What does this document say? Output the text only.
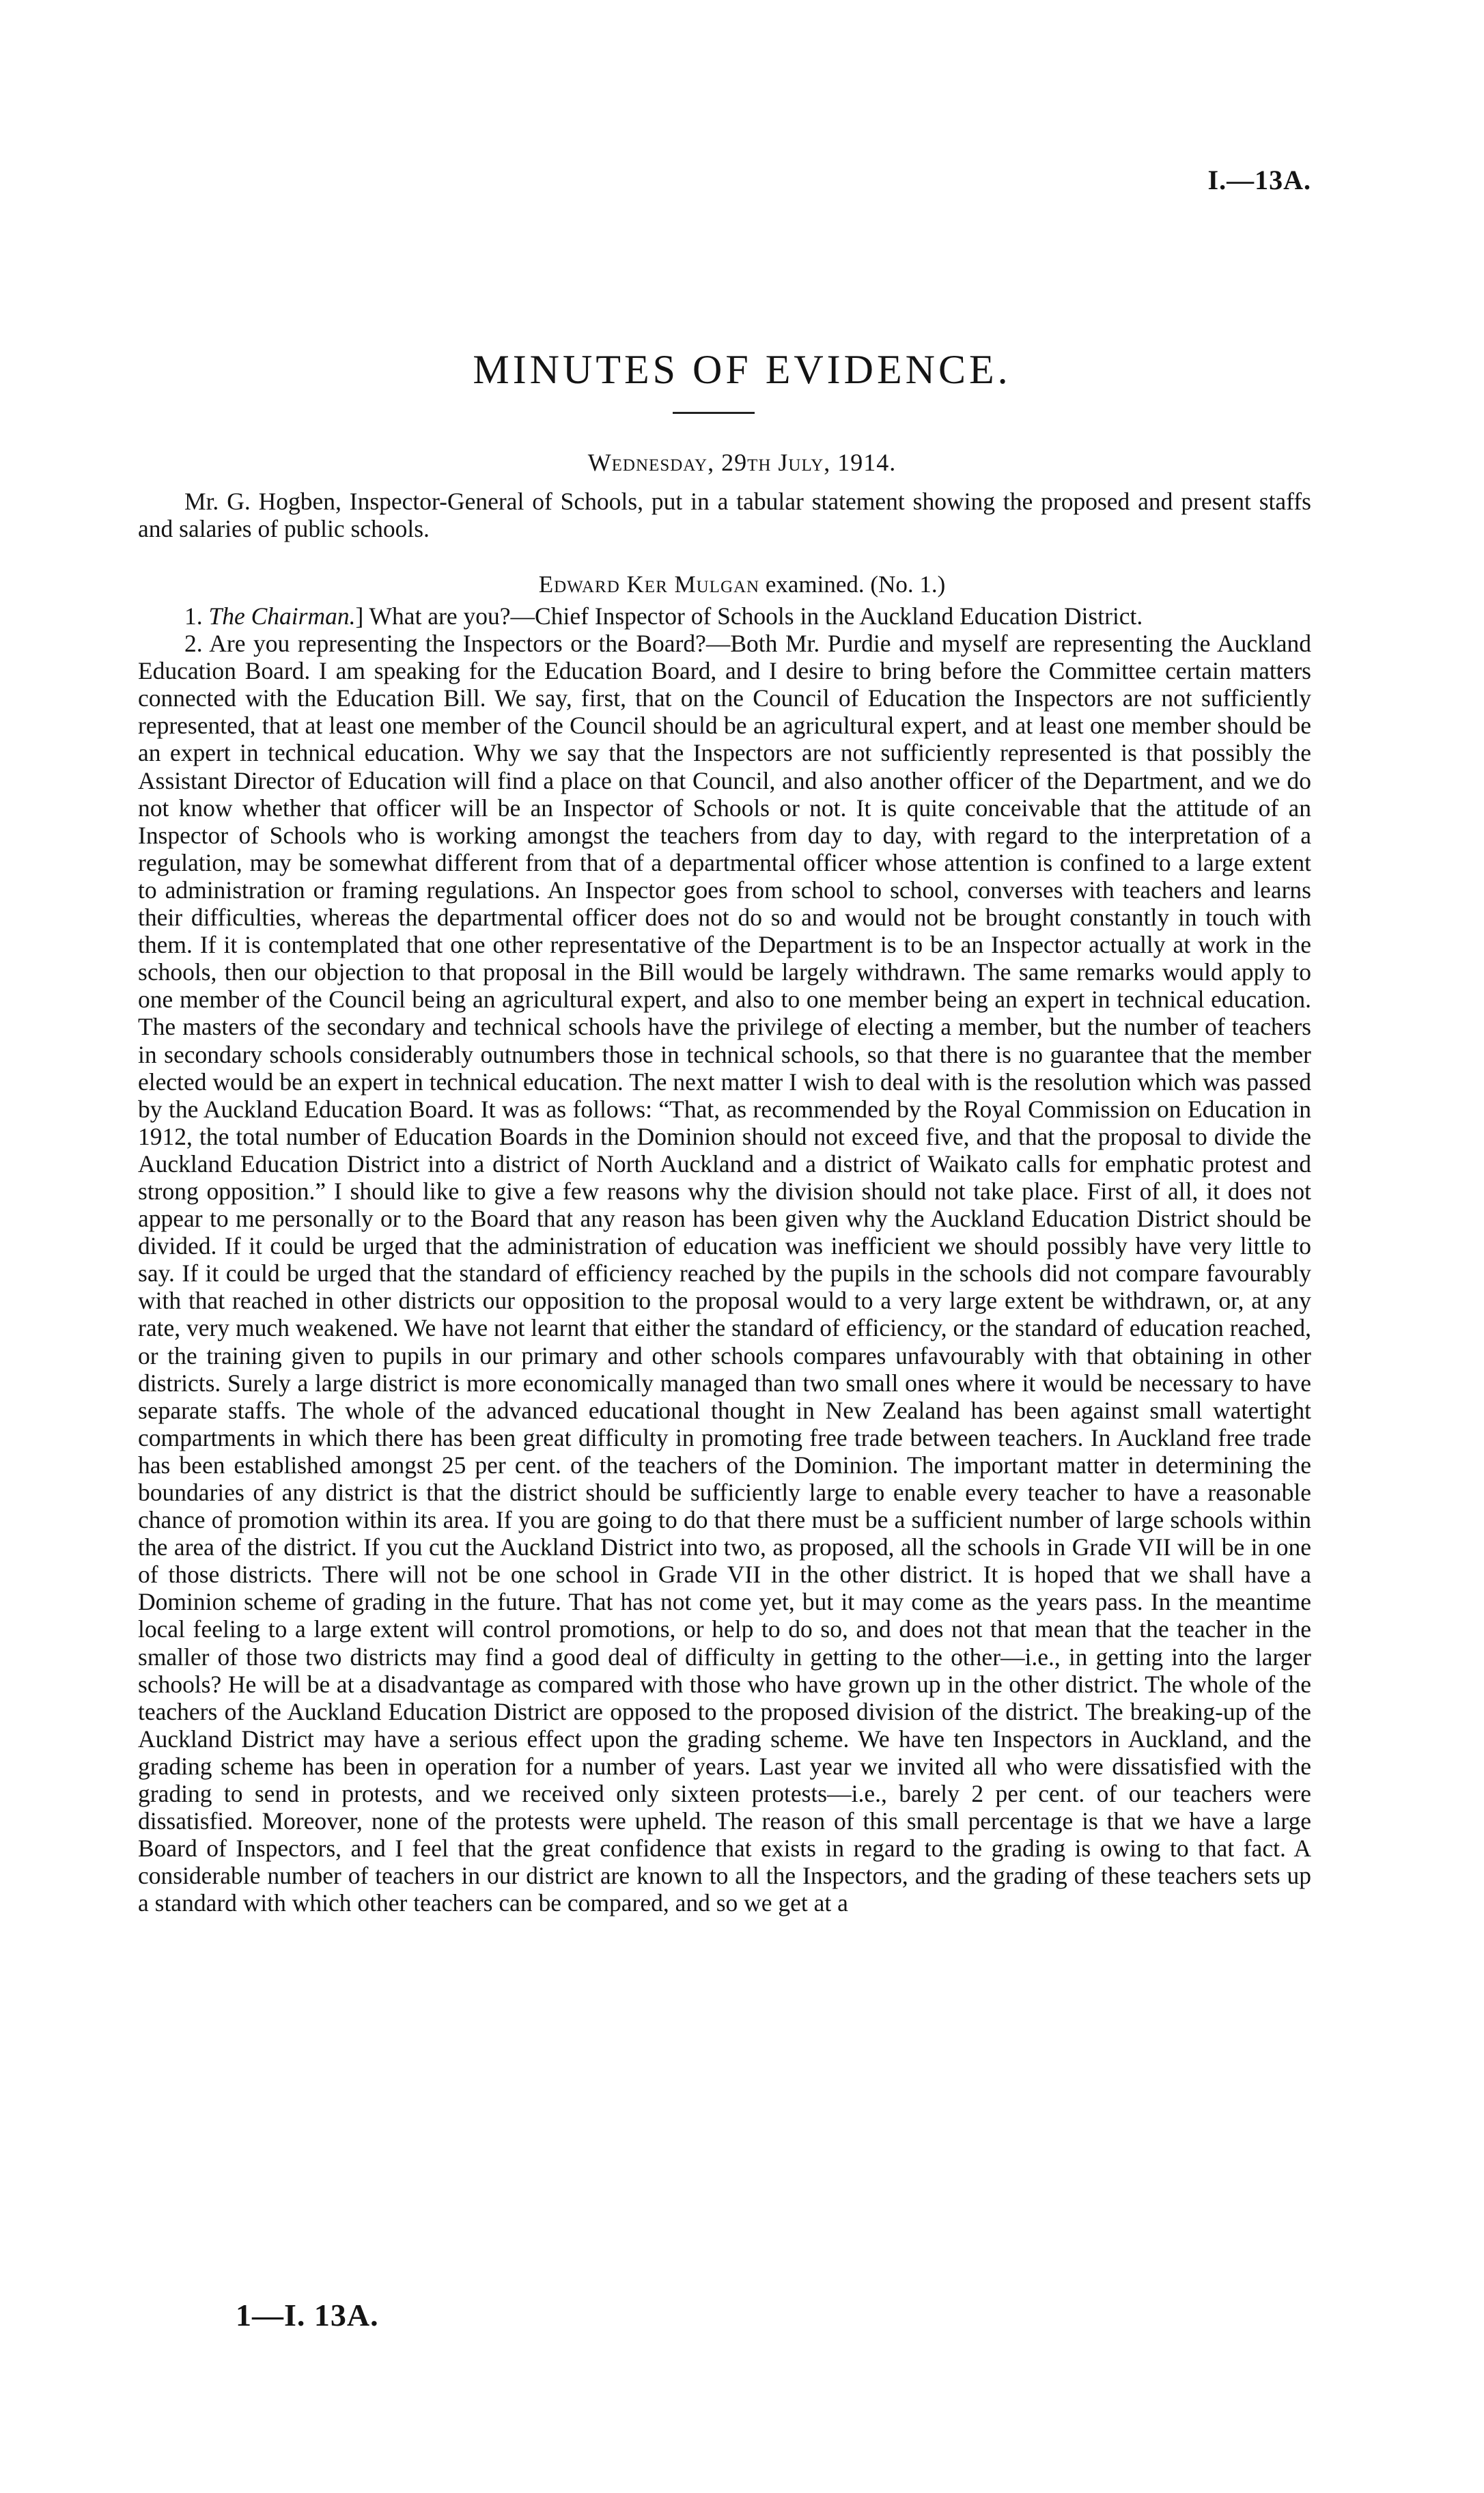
I.—13A.
MINUTES OF EVIDENCE.
Wednesday, 29th July, 1914.

Mr. G. Hogben, Inspector-General of Schools, put in a tabular statement showing the proposed and present staffs and salaries of public schools.

Edward Ker Mulgan examined. (No. 1.)

1. The Chairman.] What are you?—Chief Inspector of Schools in the Auckland Education District.

2. Are you representing the Inspectors or the Board?—Both Mr. Purdie and myself are representing the Auckland Education Board. I am speaking for the Education Board, and I desire to bring before the Committee certain matters connected with the Education Bill. We say, first, that on the Council of Education the Inspectors are not sufficiently represented, that at least one member of the Council should be an agricultural expert, and at least one member should be an expert in technical education. Why we say that the Inspectors are not sufficiently represented is that possibly the Assistant Director of Education will find a place on that Council, and also another officer of the Department, and we do not know whether that officer will be an Inspector of Schools or not. It is quite conceivable that the attitude of an Inspector of Schools who is working amongst the teachers from day to day, with regard to the interpretation of a regulation, may be somewhat different from that of a departmental officer whose attention is confined to a large extent to administration or framing regulations. An Inspector goes from school to school, converses with teachers and learns their difficulties, whereas the departmental officer does not do so and would not be brought constantly in touch with them. If it is contemplated that one other representative of the Department is to be an Inspector actually at work in the schools, then our objection to that proposal in the Bill would be largely withdrawn. The same remarks would apply to one member of the Council being an agricultural expert, and also to one member being an expert in technical education. The masters of the secondary and technical schools have the privilege of electing a member, but the number of teachers in secondary schools considerably outnumbers those in technical schools, so that there is no guarantee that the member elected would be an expert in technical education. The next matter I wish to deal with is the resolution which was passed by the Auckland Education Board. It was as follows: “That, as recommended by the Royal Commission on Education in 1912, the total number of Education Boards in the Dominion should not exceed five, and that the proposal to divide the Auckland Education District into a district of North Auckland and a district of Waikato calls for emphatic protest and strong opposition.” I should like to give a few reasons why the division should not take place. First of all, it does not appear to me personally or to the Board that any reason has been given why the Auckland Education District should be divided. If it could be urged that the administration of education was inefficient we should possibly have very little to say. If it could be urged that the standard of efficiency reached by the pupils in the schools did not compare favourably with that reached in other districts our opposition to the proposal would to a very large extent be withdrawn, or, at any rate, very much weakened. We have not learnt that either the standard of efficiency, or the standard of education reached, or the training given to pupils in our primary and other schools compares unfavourably with that obtaining in other districts. Surely a large district is more economically managed than two small ones where it would be necessary to have separate staffs. The whole of the advanced educational thought in New Zealand has been against small watertight compartments in which there has been great difficulty in promoting free trade between teachers. In Auckland free trade has been established amongst 25 per cent. of the teachers of the Dominion. The important matter in determining the boundaries of any district is that the district should be sufficiently large to enable every teacher to have a reasonable chance of promotion within its area. If you are going to do that there must be a sufficient number of large schools within the area of the district. If you cut the Auckland District into two, as proposed, all the schools in Grade VII will be in one of those districts. There will not be one school in Grade VII in the other district. It is hoped that we shall have a Dominion scheme of grading in the future. That has not come yet, but it may come as the years pass. In the meantime local feeling to a large extent will control promotions, or help to do so, and does not that mean that the teacher in the smaller of those two districts may find a good deal of difficulty in getting to the other—i.e., in getting into the larger schools? He will be at a disadvantage as compared with those who have grown up in the other district. The whole of the teachers of the Auckland Education District are opposed to the proposed division of the district. The breaking-up of the Auckland District may have a serious effect upon the grading scheme. We have ten Inspectors in Auckland, and the grading scheme has been in operation for a number of years. Last year we invited all who were dissatisfied with the grading to send in protests, and we received only sixteen protests—i.e., barely 2 per cent. of our teachers were dissatisfied. Moreover, none of the protests were upheld. The reason of this small percentage is that we have a large Board of Inspectors, and I feel that the great confidence that exists in regard to the grading is owing to that fact. A considerable number of teachers in our district are known to all the Inspectors, and the grading of these teachers sets up a standard with which other teachers can be compared, and so we get at a

1—I. 13A.
